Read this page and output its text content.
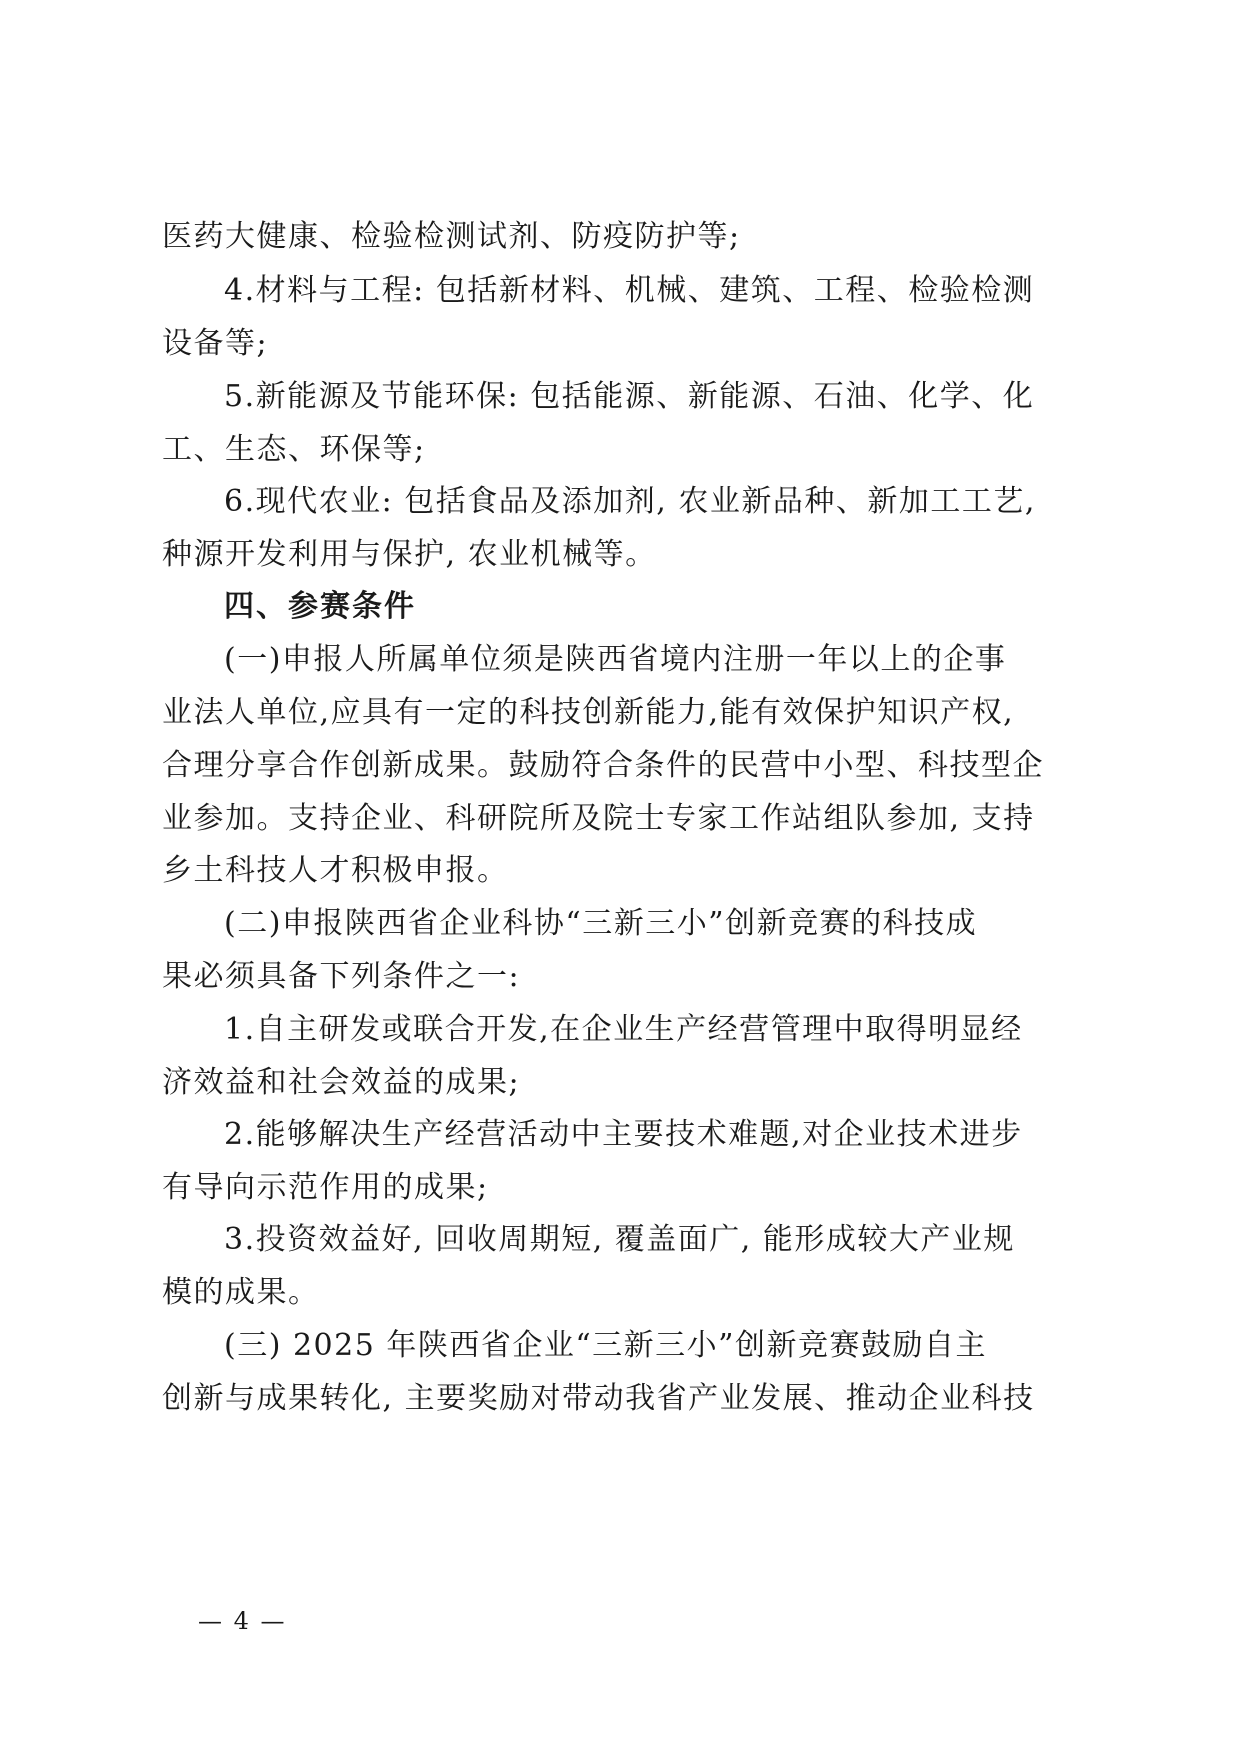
医药大健康、检验检测试剂、防疫防护等;
4.材料与工程: 包括新材料、机械、建筑、工程、检验检测
设备等;
5.新能源及节能环保: 包括能源、新能源、石油、化学、化
工、生态、环保等;
6.现代农业: 包括食品及添加剂, 农业新品种、新加工工艺,
种源开发利用与保护, 农业机械等。
四、参赛条件
(一)申报人所属单位须是陕西省境内注册一年以上的企事
业法人单位,应具有一定的科技创新能力,能有效保护知识产权,
合理分享合作创新成果。鼓励符合条件的民营中小型、科技型企
业参加。支持企业、科研院所及院士专家工作站组队参加, 支持
乡土科技人才积极申报。
(二)申报陕西省企业科协“三新三小”创新竞赛的科技成
果必须具备下列条件之一:
1.自主研发或联合开发,在企业生产经营管理中取得明显经
济效益和社会效益的成果;
2.能够解决生产经营活动中主要技术难题,对企业技术进步
有导向示范作用的成果;
3.投资效益好, 回收周期短, 覆盖面广, 能形成较大产业规
模的成果。
(三) 2025 年陕西省企业“三新三小”创新竞赛鼓励自主
创新与成果转化, 主要奖励对带动我省产业发展、推动企业科技
— 4 —
